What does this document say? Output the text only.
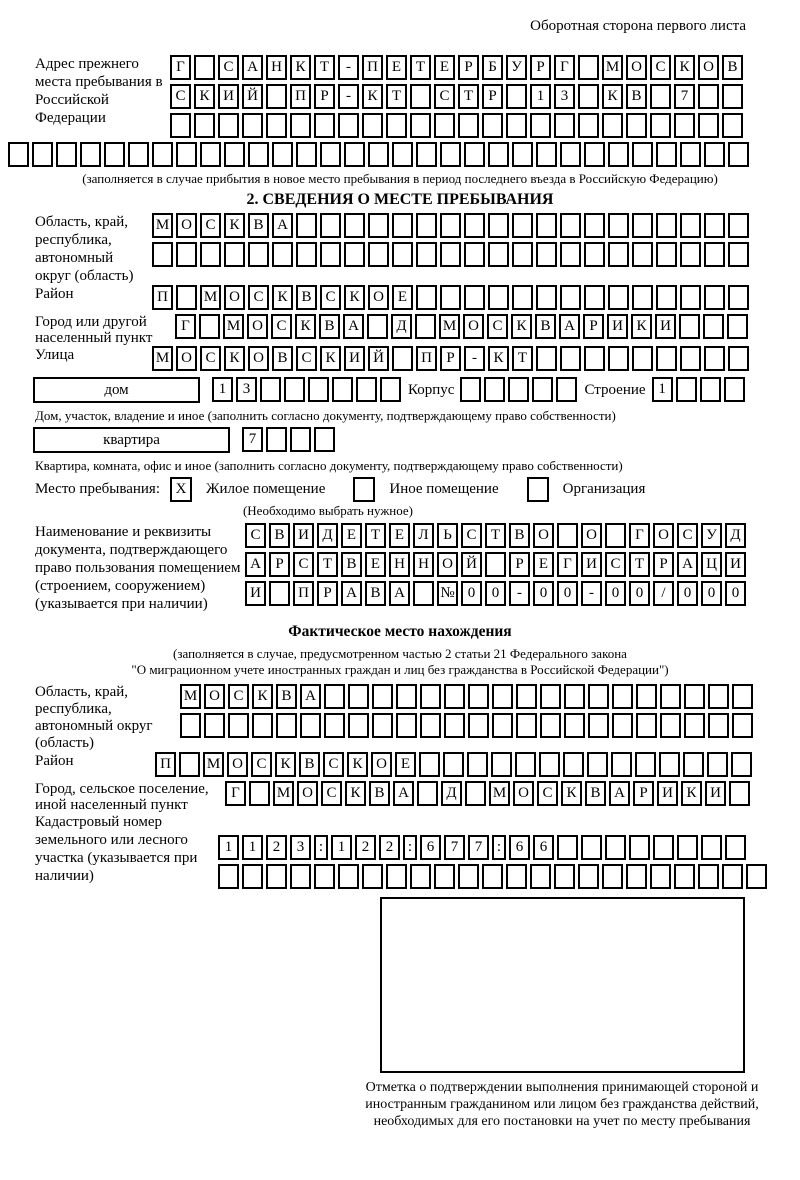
Оборотная сторона первого листа
Адрес прежнего места пребывания в Российской Федерации
Г	С А Н К Т	-	П Е Т Е	Р	Б У Р	Г	М О С К О В
С К И Й	П Р	-	К Т	С Т	Р	1	3	К В	7
(заполняется в случае прибытия в новое место пребывания в период последнего въезда в Российскую Федерацию)
2. СВЕДЕНИЯ О МЕСТЕ ПРЕБЫВАНИЯ
Область, край, республика, автономный округ (область)
М О С К В А
Район	П	М О С К В С К О Е
Город или другой населенный пункт
Г	М О С К В А	Д	М О С К В А Р И К И
Улица	М О С К О В С К И Й	П Р	-	К Т
дом	1	3	Корпус	Строение 1
Дом, участок, владение и иное (заполнить согласно документу, подтверждающему право собственности)
квартира	7
Квартира, комната, офис и иное (заполнить согласно документу, подтверждающему право собственности)
Место пребывания:	X	Жилое помещение	Иное помещение	Организация
(Необходимо выбрать нужное)
Наименование и реквизиты документа, подтверждающего право пользования помещением (строением, сооружением) (указывается при наличии)
С В И Д Е Т Е Л Ь С Т В О	О	Г О С У Д
А Р С Т В Е Н Н О Й	Р	Е	Г И С Т	Р А Ц И
И	П Р А В А	№ 0	0	-	0	0	-	0	0	/	0	0	0
Фактическое место нахождения
(заполняется в случае, предусмотренном частью 2 статьи 21 Федерального закона
"О миграционном учете иностранных граждан и лиц без гражданства в Российской Федерации")
Область, край, республика, автономный округ (область)
М О С К В А
Район	П	М О С К В С К О Е
Город, сельское поселение, иной населенный пункт
Г	М О С К В А	Д	М О С К В А Р И К И
Кадастровый номер земельного или лесного участка (указывается при наличии)
1	1	2	3 : 1	2	2 : 6	7	7 : 6	6
Отметка о подтверждении выполнения принимающей стороной и иностранным гражданином или лицом без гражданства действий, необходимых для его постановки на учет по месту пребывания
